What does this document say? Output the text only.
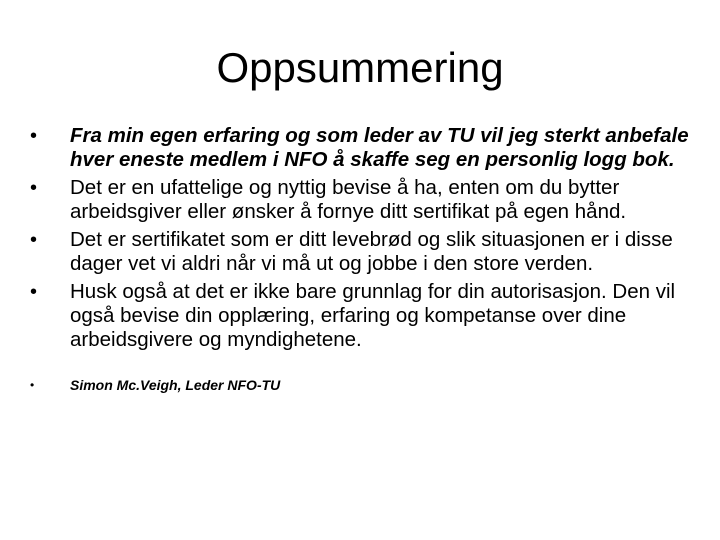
Oppsummering
• Fra min egen erfaring og som leder av TU vil jeg sterkt anbefale hver eneste medlem i NFO å skaffe seg en personlig logg bok.
• Det er en ufattelige og nyttig bevise å ha, enten om du bytter arbeidsgiver eller ønsker å fornye ditt sertifikat på egen hånd.
• Det er sertifikatet som er ditt levebrød og slik situasjonen er i disse dager vet vi aldri når vi må ut og jobbe i den store verden.
• Husk også at det er ikke bare grunnlag for din autorisasjon. Den vil også bevise din opplæring, erfaring og kompetanse over dine arbeidsgivere og myndighetene.
•	Simon Mc.Veigh, Leder NFO-TU
